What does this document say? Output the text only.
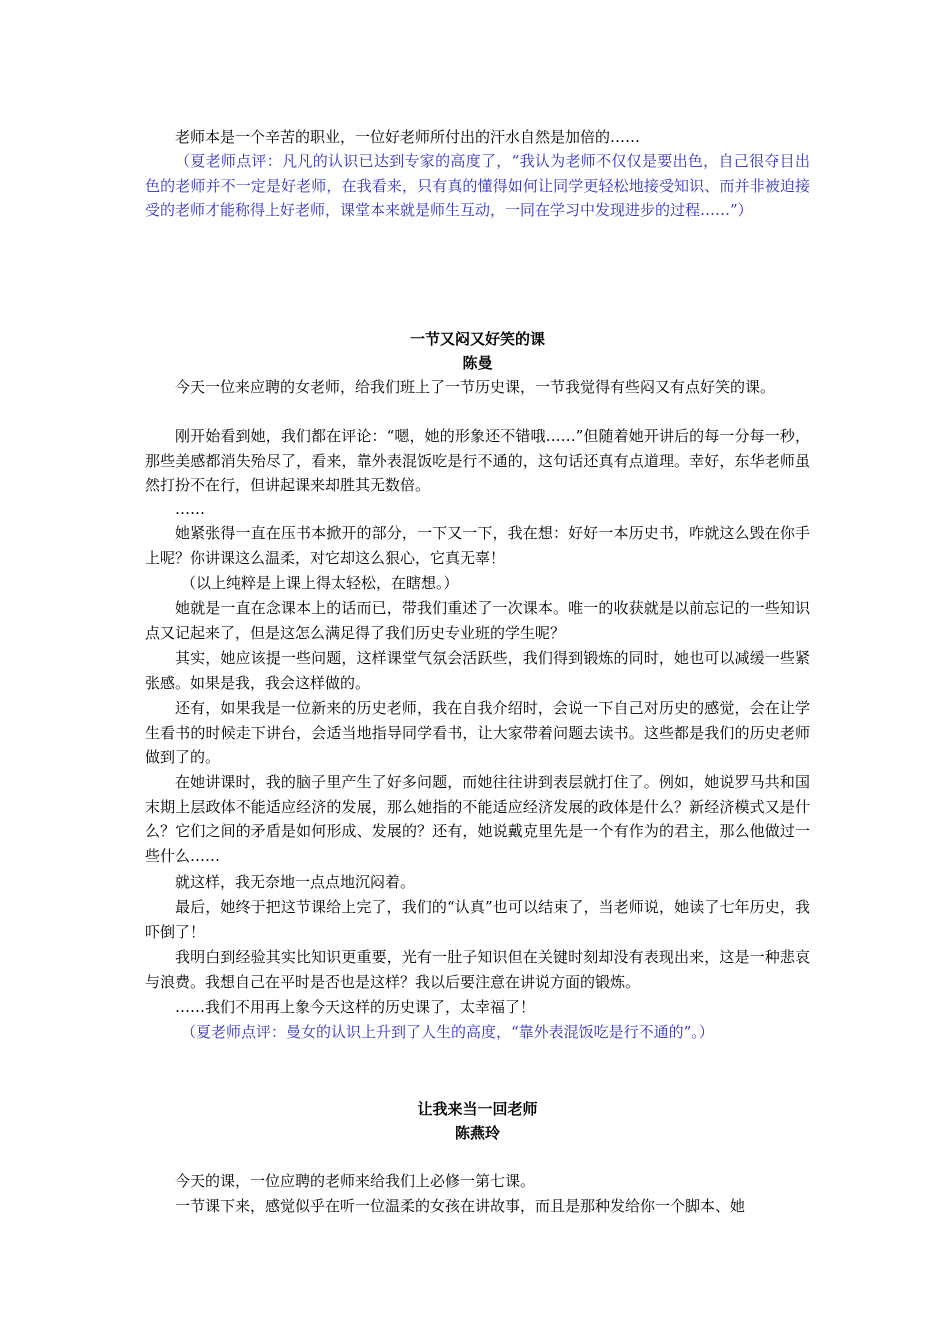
老师本是一个辛苦的职业，一位好老师所付出的汗水自然是加倍的……

（夏老师点评：凡凡的认识已达到专家的高度了，“我认为老师不仅仅是要出色，自己很夺目出色的老师并不一定是好老师，在我看来，只有真的懂得如何让同学更轻松地接受知识、而并非被迫接受的老师才能称得上好老师，课堂本来就是师生互动，一同在学习中发现进步的过程……”）

一节又闷又好笑的课
陈曼

今天一位来应聘的女老师，给我们班上了一节历史课，一节我觉得有些闷又有点好笑的课。

刚开始看到她，我们都在评论：“嗯，她的形象还不错哦……”但随着她开讲后的每一分每一秒，那些美感都消失殆尽了，看来，靠外表混饭吃是行不通的，这句话还真有点道理。幸好，东华老师虽然打扮不在行，但讲起课来却胜其无数倍。

……

她紧张得一直在压书本掀开的部分，一下又一下，我在想：好好一本历史书，咋就这么毁在你手上呢？你讲课这么温柔，对它却这么狠心，它真无辜！

（以上纯粹是上课上得太轻松，在瞎想。）

她就是一直在念课本上的话而已，带我们重述了一次课本。唯一的收获就是以前忘记的一些知识点又记起来了，但是这怎么满足得了我们历史专业班的学生呢？

其实，她应该提一些问题，这样课堂气氛会活跃些，我们得到锻炼的同时，她也可以减缓一些紧张感。如果是我，我会这样做的。

还有，如果我是一位新来的历史老师，我在自我介绍时，会说一下自己对历史的感觉，会在让学生看书的时候走下讲台，会适当地指导同学看书，让大家带着问题去读书。这些都是我们的历史老师做到了的。

在她讲课时，我的脑子里产生了好多问题，而她往往讲到表层就打住了。例如，她说罗马共和国末期上层政体不能适应经济的发展，那么她指的不能适应经济发展的政体是什么？新经济模式又是什么？它们之间的矛盾是如何形成、发展的？还有，她说戴克里先是一个有作为的君主，那么他做过一些什么……

就这样，我无奈地一点点地沉闷着。

最后，她终于把这节课给上完了，我们的“认真”也可以结束了，当老师说，她读了七年历史，我吓倒了！

我明白到经验其实比知识更重要，光有一肚子知识但在关键时刻却没有表现出来，这是一种悲哀与浪费。我想自己在平时是否也是这样？我以后要注意在讲说方面的锻炼。

……我们不用再上象今天这样的历史课了，太幸福了！

（夏老师点评：曼女的认识上升到了人生的高度，“靠外表混饭吃是行不通的”。）

让我来当一回老师
陈燕玲

今天的课，一位应聘的老师来给我们上必修一第七课。

一节课下来，感觉似乎在听一位温柔的女孩在讲故事，而且是那种发给你一个脚本、她
